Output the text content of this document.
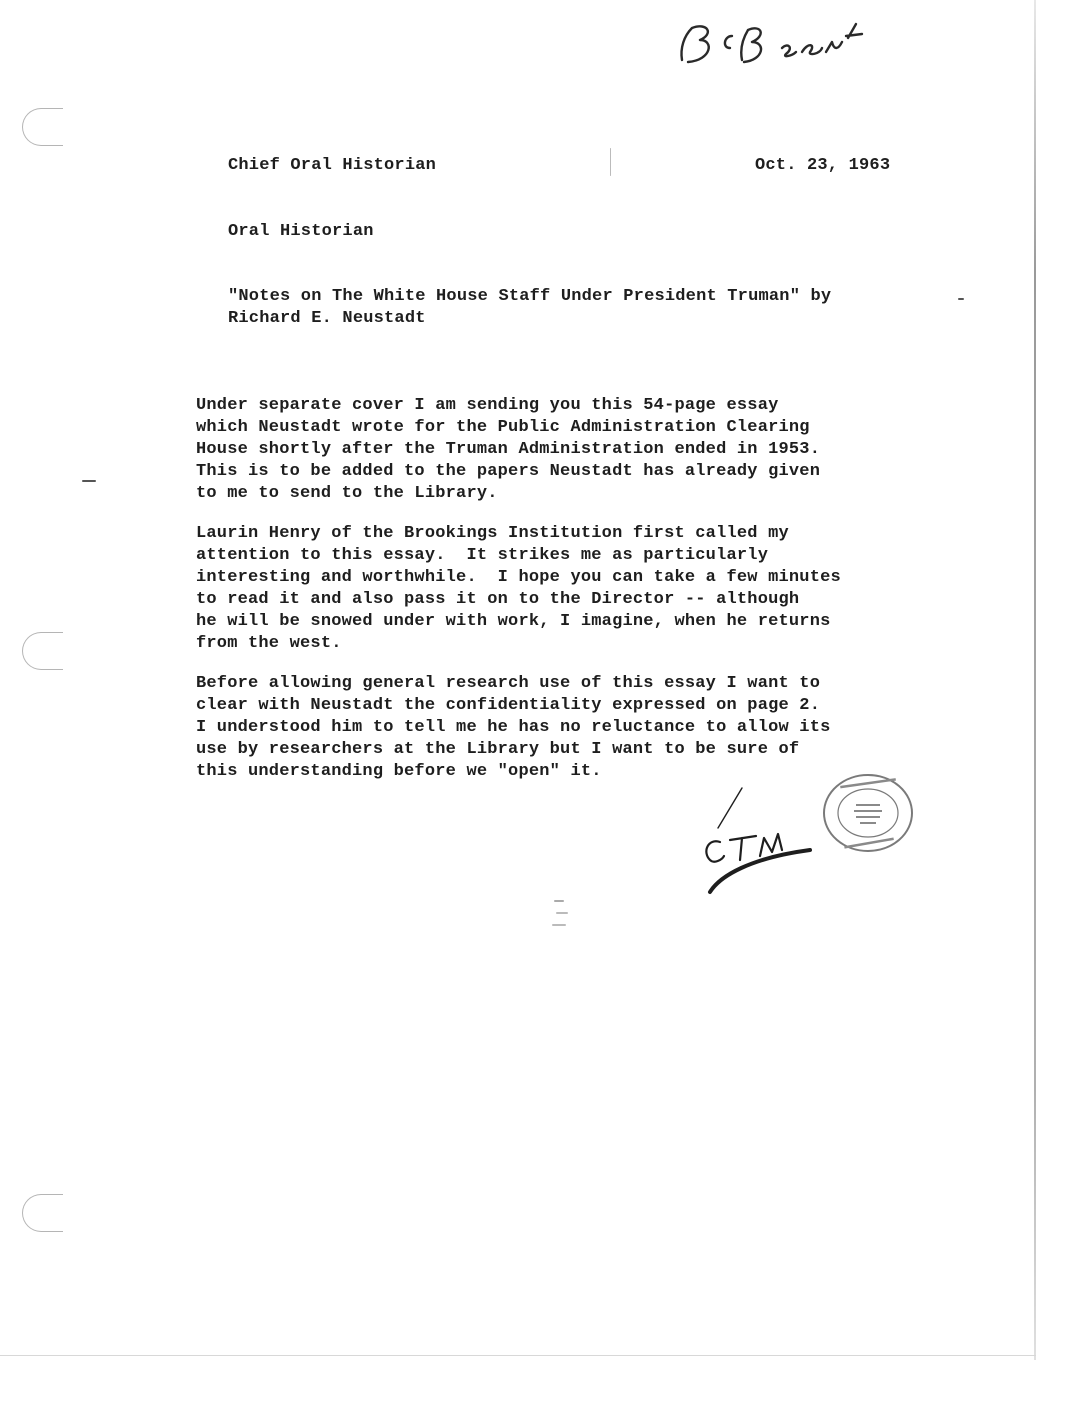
Chief Oral Historian	Oct. 23, 1963
Oral Historian
"Notes on The White House Staff Under President Truman" by
Richard E. Neustadt
Under separate cover I am sending you this 54-page essay
which Neustadt wrote for the Public Administration Clearing
House shortly after the Truman Administration ended in 1953.
This is to be added to the papers Neustadt has already given
to me to send to the Library.
Laurin Henry of the Brookings Institution first called my
attention to this essay.  It strikes me as particularly
interesting and worthwhile.  I hope you can take a few minutes
to read it and also pass it on to the Director -- although
he will be snowed under with work, I imagine, when he returns
from the west.
Before allowing general research use of this essay I want to
clear with Neustadt the confidentiality expressed on page 2.
I understood him to tell me he has no reluctance to allow its
use by researchers at the Library but I want to be sure of
this understanding before we "open" it.
